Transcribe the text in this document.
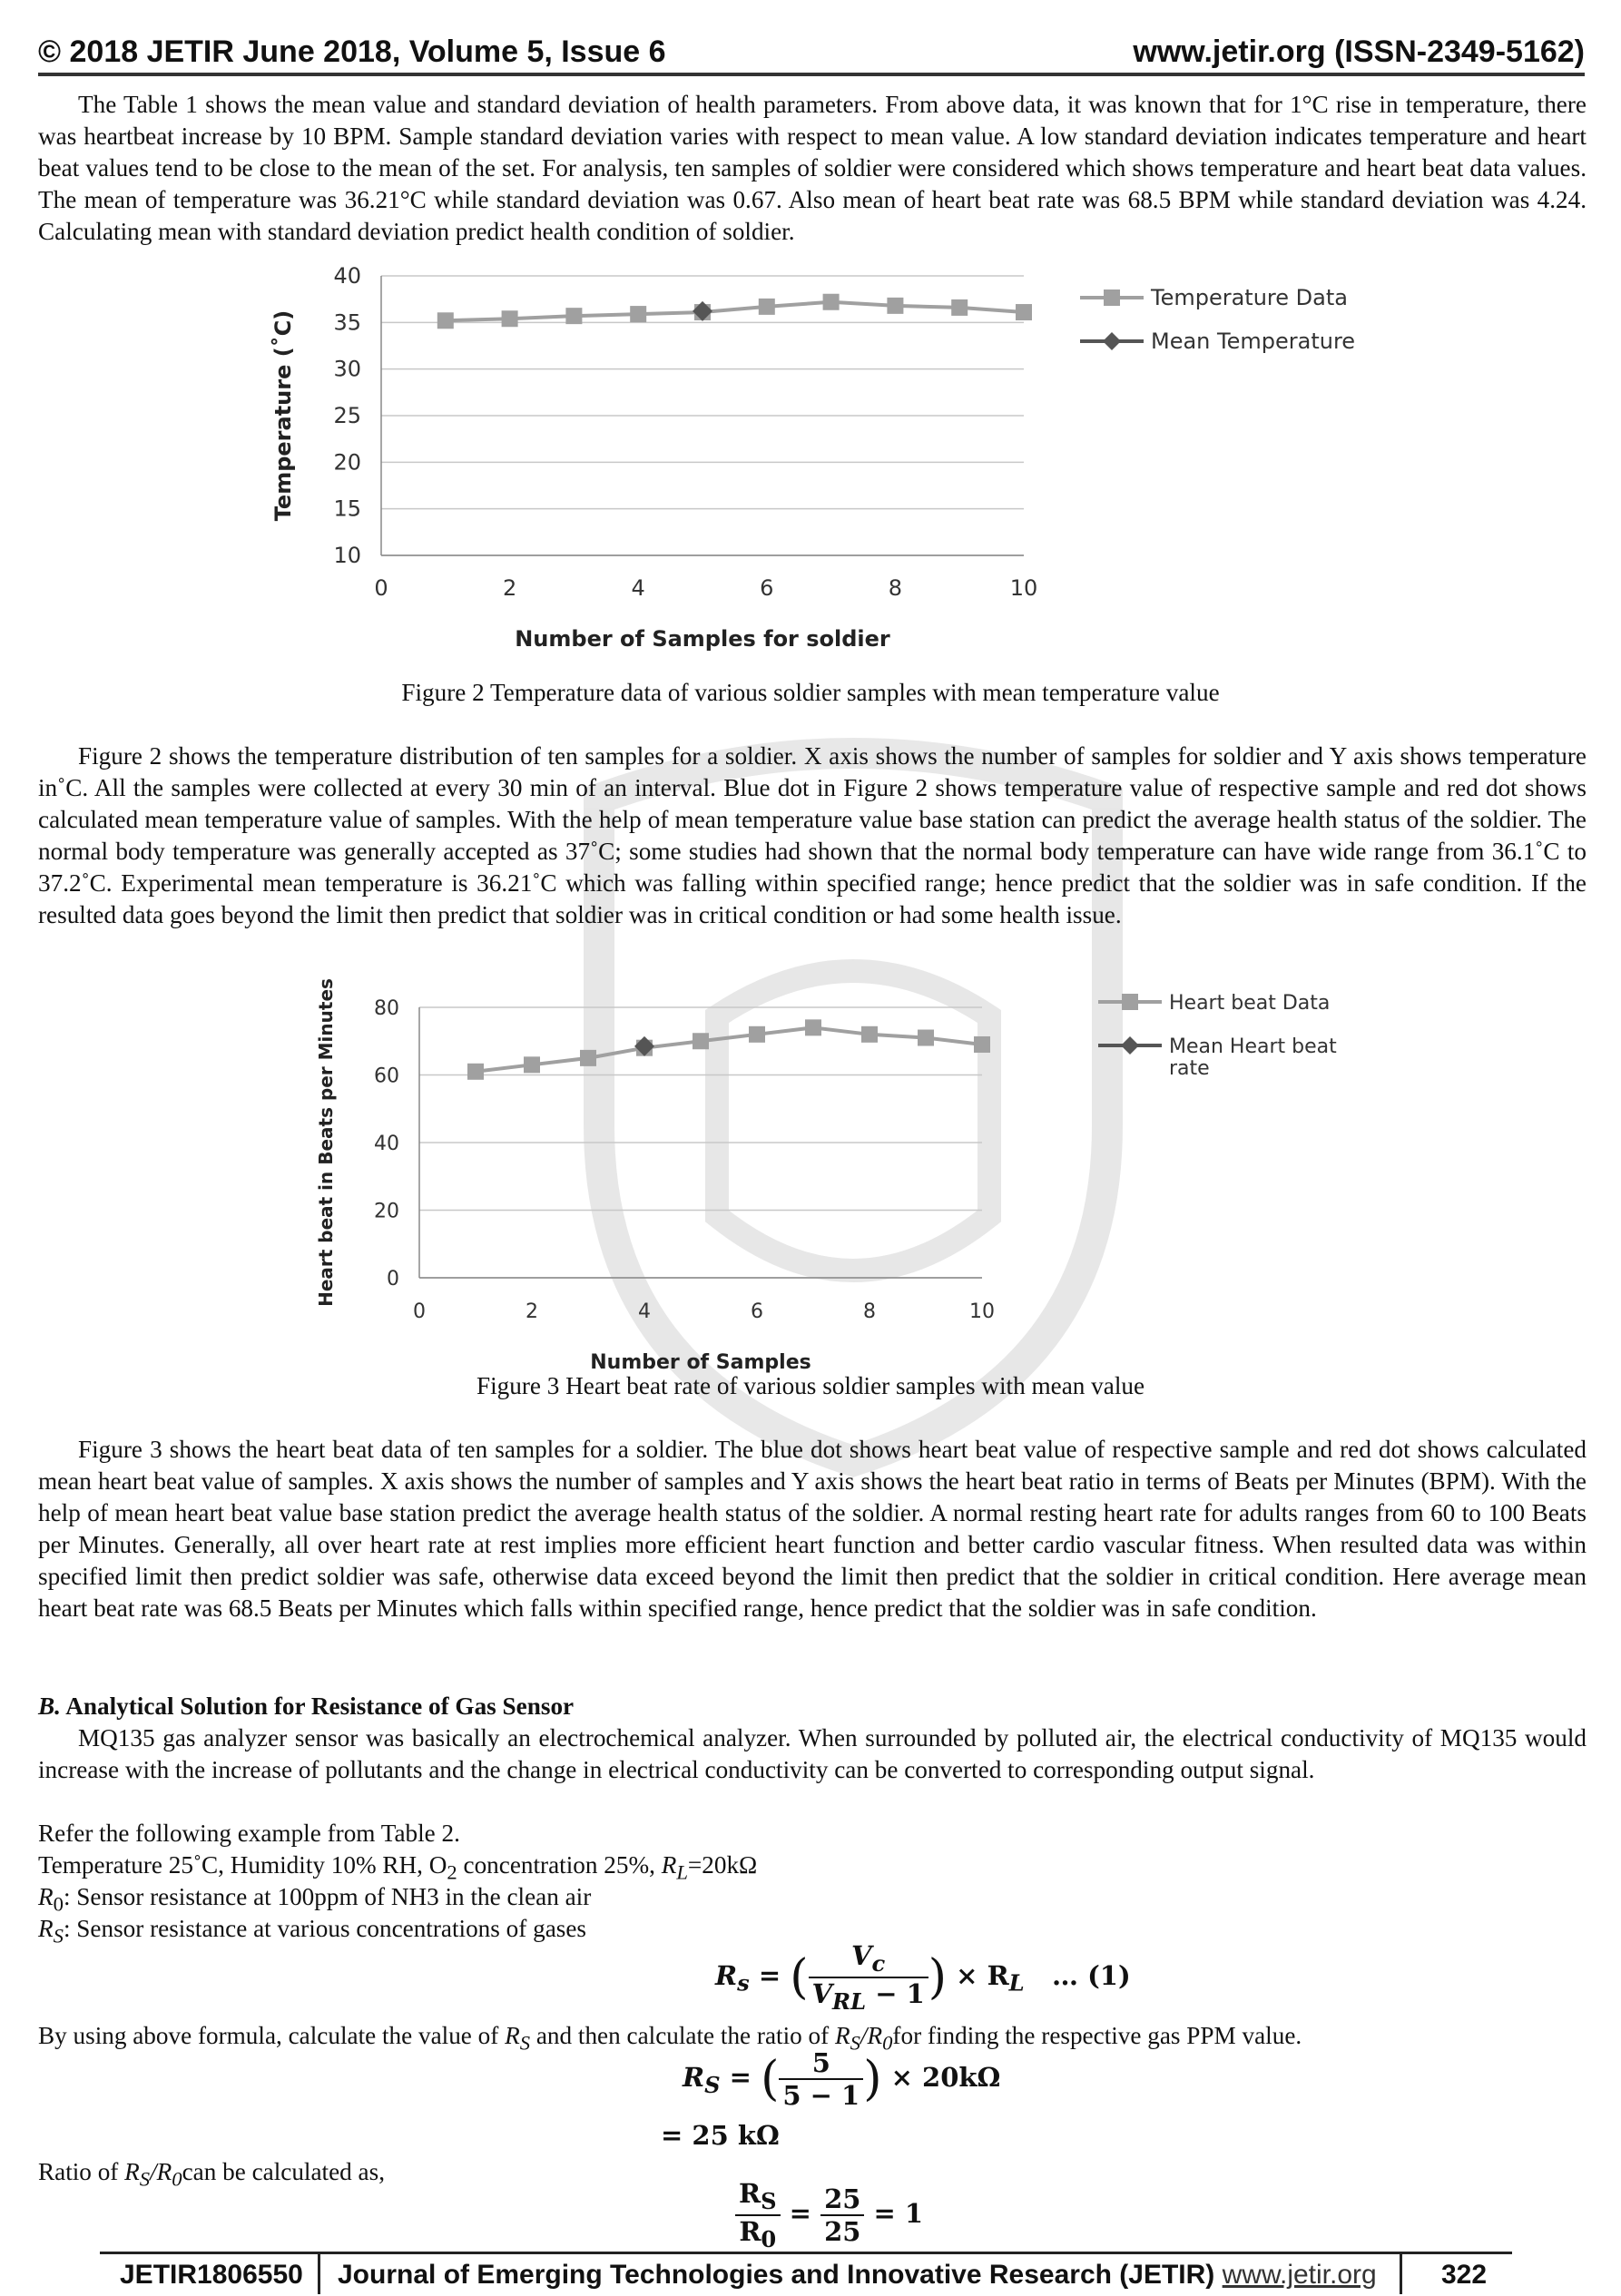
© 2018 JETIR June 2018, Volume 5, Issue 6	www.jetir.org (ISSN-2349-5162)
The Table 1 shows the mean value and standard deviation of health parameters. From above data, it was known that for 1°C rise in temperature, there was heartbeat increase by 10 BPM. Sample standard deviation varies with respect to mean value. A low standard deviation indicates temperature and heart beat values tend to be close to the mean of the set. For analysis, ten samples of soldier were considered which shows temperature and heart beat data values. The mean of temperature was 36.21°C while standard deviation was 0.67. Also mean of heart beat rate was 68.5 BPM while standard deviation was 4.24. Calculating mean with standard deviation predict health condition of soldier.
10
15
20
25
30
35
40
0	2	4	6	8	10
Number of Samples for soldier
Temperature (˚C)
Temperature Data
Mean Temperature
Figure 2 Temperature data of various soldier samples with mean temperature value
Figure 2 shows the temperature distribution of ten samples for a soldier. X axis shows the number of samples for soldier and Y axis shows temperature in˚C. All the samples were collected at every 30 min of an interval. Blue dot in Figure 2 shows temperature value of respective sample and red dot shows calculated mean temperature value of samples. With the help of mean temperature value base station can predict the average health status of the soldier. The normal body temperature was generally accepted as 37˚C; some studies had shown that the normal body temperature can have wide range from 36.1˚C to 37.2˚C. Experimental mean temperature is 36.21˚C which was falling within specified range; hence predict that the soldier was in safe condition. If the resulted data goes beyond the limit then predict that soldier was in critical condition or had some health issue.
0
20
40
60
80
0	2	4	6	8	10
Number of Samples
Heart beat in Beats per Minutes	Heart beat Data
Mean Heart beat rate
Figure 3 Heart beat rate of various soldier samples with mean value
Figure 3 shows the heart beat data of ten samples for a soldier. The blue dot shows heart beat value of respective sample and red dot shows calculated mean heart beat value of samples. X axis shows the number of samples and Y axis shows the heart beat ratio in terms of Beats per Minutes (BPM). With the help of mean heart beat value base station predict the average health status of the soldier. A normal resting heart rate for adults ranges from 60 to 100 Beats per Minutes. Generally, all over heart rate at rest implies more efficient heart function and better cardio vascular fitness. When resulted data was within specified limit then predict soldier was safe, otherwise data exceed beyond the limit then predict that the soldier in critical condition. Here average mean heart beat rate was 68.5 Beats per Minutes which falls within specified range, hence predict that the soldier was in safe condition.
B. Analytical Solution for Resistance of Gas Sensor
MQ135 gas analyzer sensor was basically an electrochemical analyzer. When surrounded by polluted air, the electrical conductivity of MQ135 would increase with the increase of pollutants and the change in electrical conductivity can be converted to corresponding output signal.
Refer the following example from Table 2.
Temperature 25˚C, Humidity 10% RH, $O_2$ concentration 25%, $R_L=20k\Omega$
$R_0$: Sensor resistance at 100ppm of NH3 in the clean air
$R_S$: Sensor resistance at various concentrations of gases
$R_s$ = ( $\frac{V_c}{V_{RL} - 1}$ ) × $R_L$ … (1)
By using above formula, calculate the value of $R_S$ and then calculate the ratio of $R_S/R_0for$ finding the respective gas PPM value.
$R_S$ = ( $\frac{5}{5 - 1}$ ) × 20kΩ
= 25 kΩ
Ratio of $R_S/R_0can$ be calculated as,
$\frac{R_S}{R_0} = \frac{25}{25} = 1$
JETIR1806550 Journal of Emerging Technologies and Innovative Research (JETIR) www.jetir.org 322
